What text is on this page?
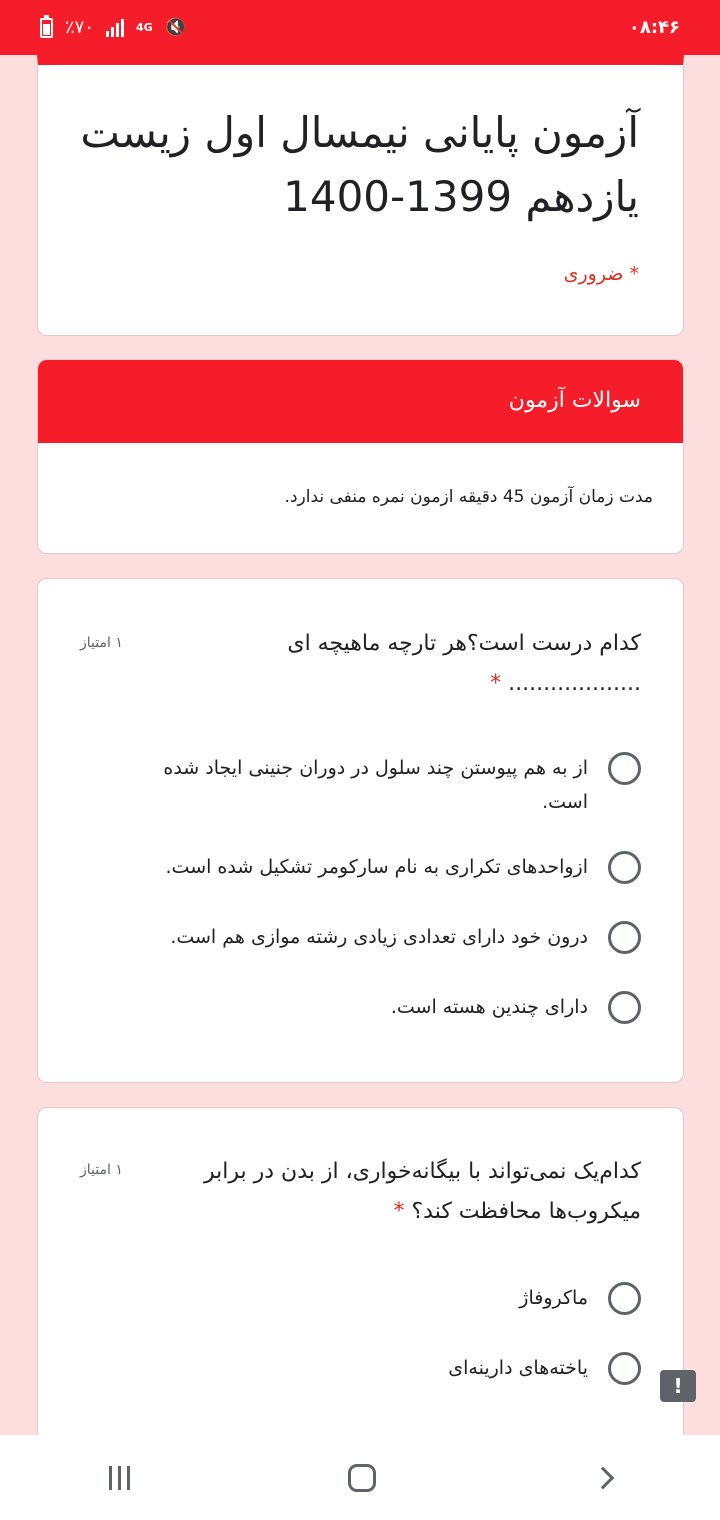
٪۷۰	4G 🔇	۰۸:۴۶
آزمون پایانی نیمسال اول زیست یازدهم 1399-1400
* ضروری
سوالات آزمون
مدت زمان آزمون 45 دقیقه ازمون نمره منفی ندارد.
کدام درست است؟هر تارچه ماهیچه ای ................... *
۱ امتیاز
از به هم پیوستن چند سلول در دوران جنینی ایجاد شده است.
ازواحدهای تکراری به نام سارکومر تشکیل شده است.
درون خود دارای تعدادی زیادی رشته موازی هم است.
دارای چندین هسته است.
کدام‌یک نمی‌تواند با بیگانه‌خواری، از بدن در برابر میکروب‌ها محافظت کند؟ *
۱ امتیاز
ماکروفاژ
یاخته‌های دارینه‌ای
!
